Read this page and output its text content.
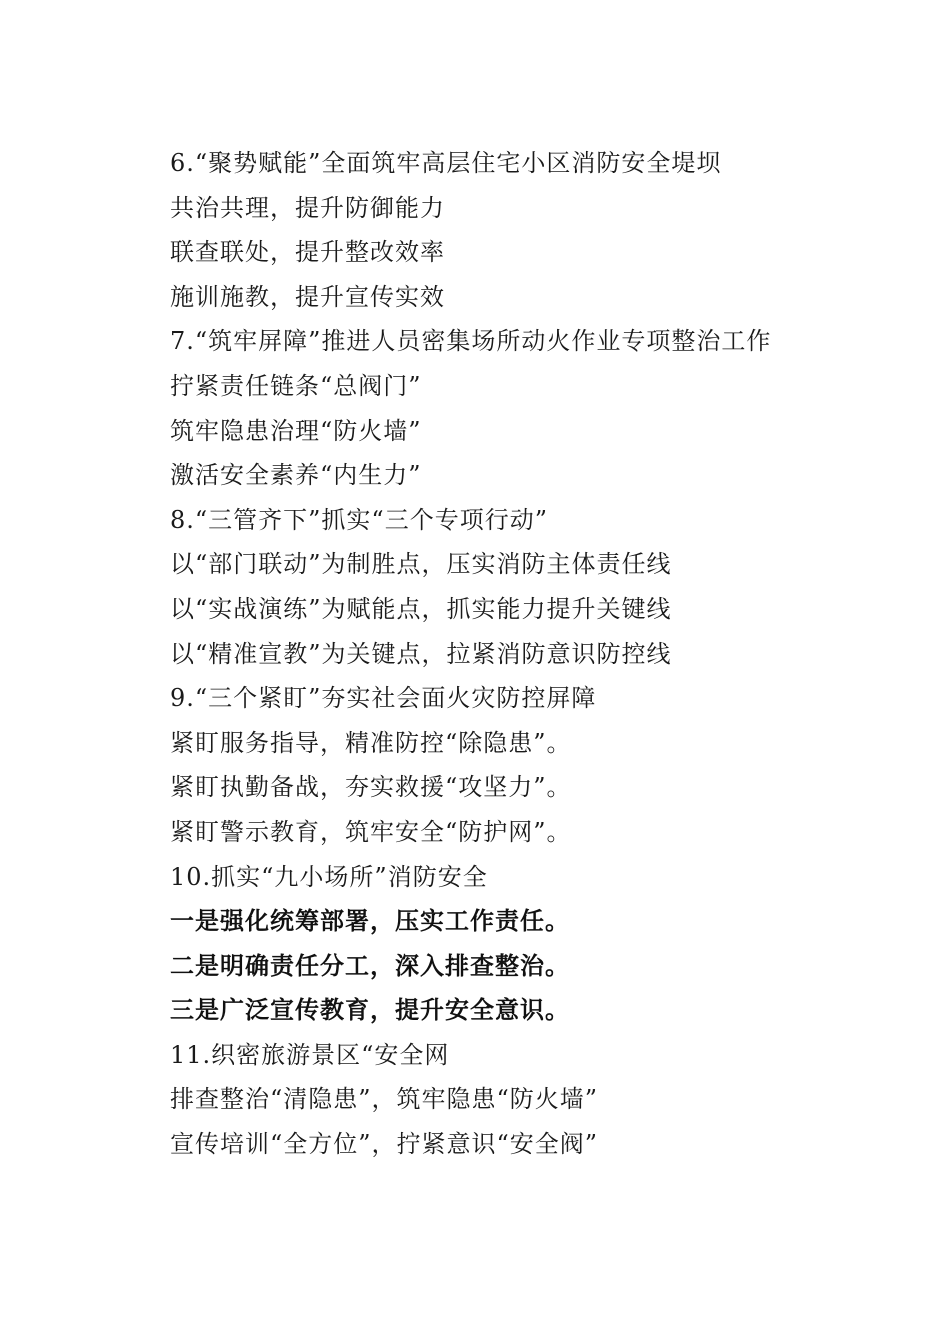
6.“聚势赋能”全面筑牢高层住宅小区消防安全堤坝
共治共理，提升防御能力
联查联处，提升整改效率
施训施教，提升宣传实效
7.“筑牢屏障”推进人员密集场所动火作业专项整治工作
拧紧责任链条“总阀门”
筑牢隐患治理“防火墙”
激活安全素养“内生力”
8.“三管齐下”抓实“三个专项行动”
以“部门联动”为制胜点，压实消防主体责任线
以“实战演练”为赋能点，抓实能力提升关键线
以“精准宣教”为关键点，拉紧消防意识防控线
9.“三个紧盯”夯实社会面火灾防控屏障
紧盯服务指导，精准防控“除隐患”。
紧盯执勤备战，夯实救援“攻坚力”。
紧盯警示教育，筑牢安全“防护网”。
10.抓实“九小场所”消防安全
一是强化统筹部署，压实工作责任。
二是明确责任分工，深入排查整治。
三是广泛宣传教育，提升安全意识。
11.织密旅游景区“安全网
排查整治“清隐患”，筑牢隐患“防火墙”
宣传培训“全方位”，拧紧意识“安全阀”
